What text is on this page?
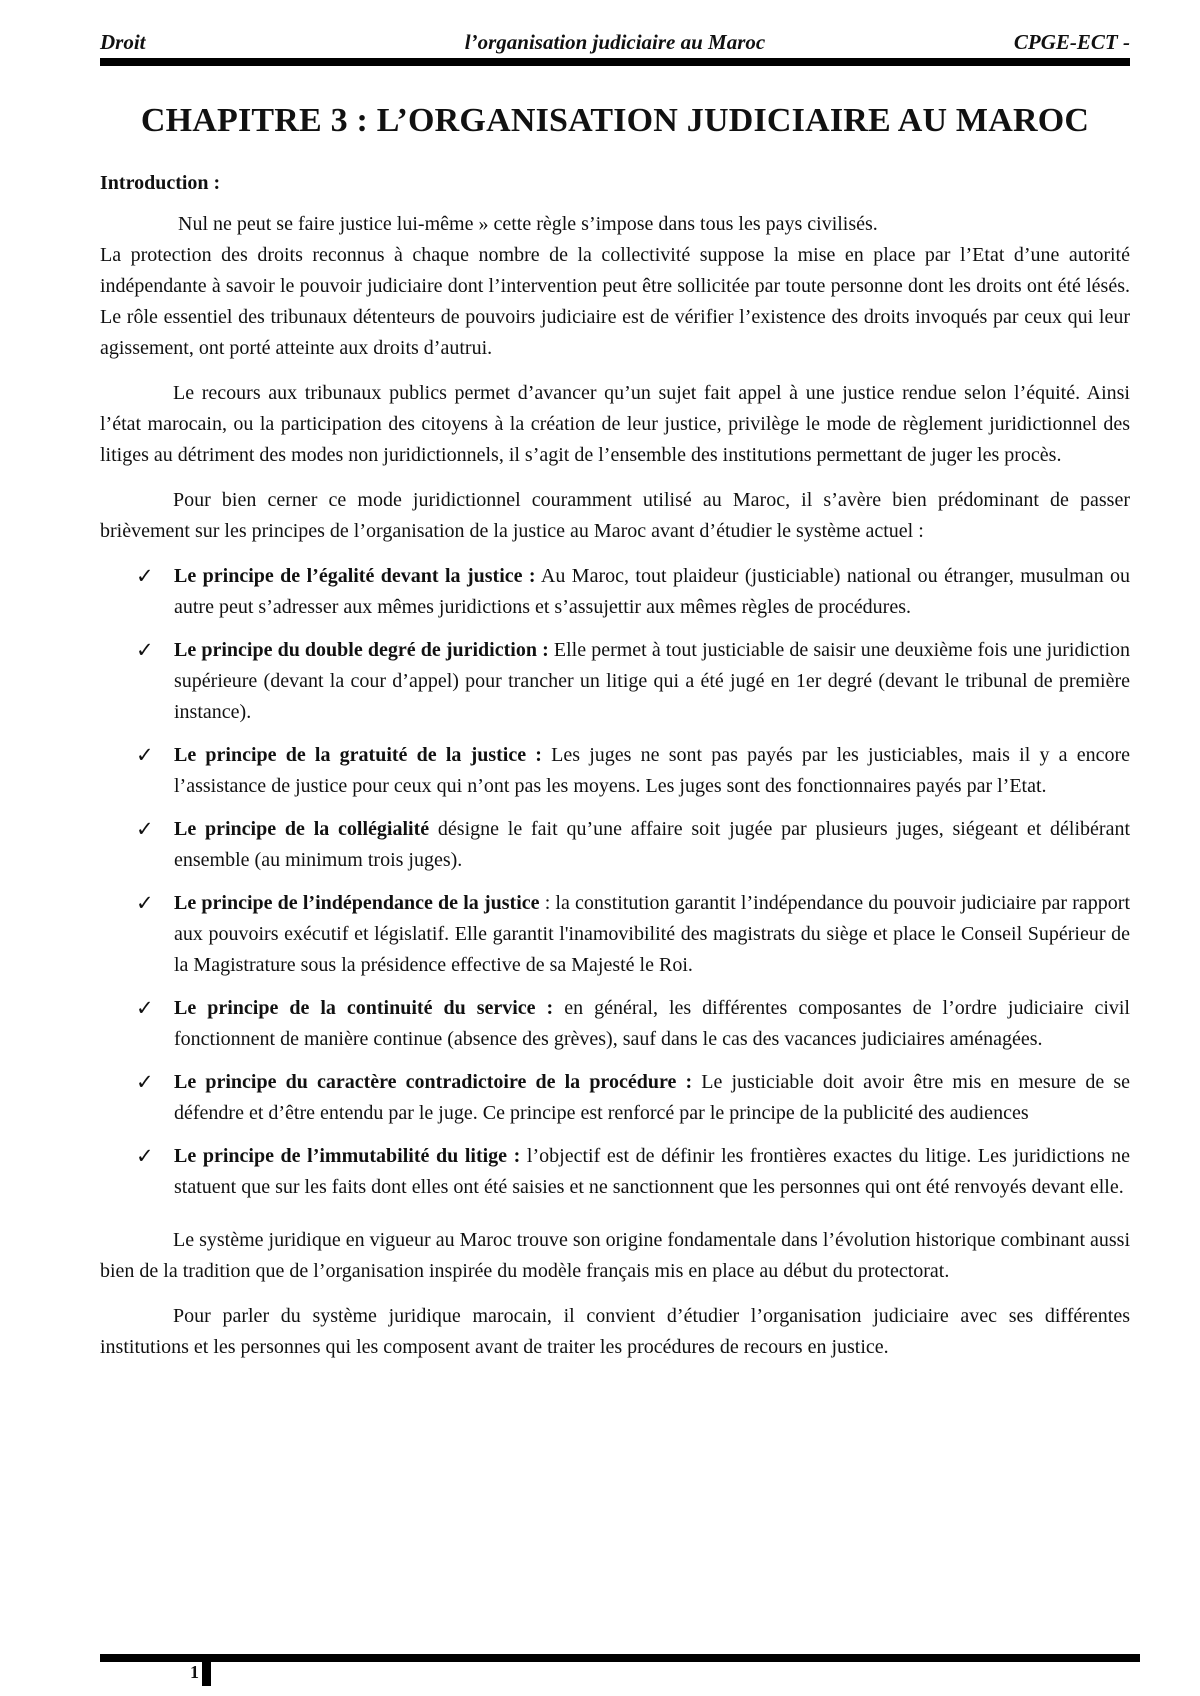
Droit	l’organisation judiciaire au Maroc	CPGE-ECT -
CHAPITRE 3 : L’ORGANISATION JUDICIAIRE AU MAROC
Introduction :

Nul ne peut se faire justice lui-même » cette règle s’impose dans tous les pays civilisés.

La protection des droits reconnus à chaque nombre de la collectivité suppose la mise en place par l’Etat d’une autorité indépendante à savoir le pouvoir judiciaire dont l’intervention peut être sollicitée par toute personne dont les droits ont été lésés. Le rôle essentiel des tribunaux détenteurs de pouvoirs judiciaire est de vérifier l’existence des droits invoqués par ceux qui leur agissement, ont porté atteinte aux droits d’autrui.

Le recours aux tribunaux publics permet d’avancer qu’un sujet fait appel à une justice rendue selon l’équité. Ainsi l’état marocain, ou la participation des citoyens à la création de leur justice, privilège le mode de règlement juridictionnel des litiges au détriment des modes non juridictionnels, il s’agit de l’ensemble des institutions permettant de juger les procès.

Pour bien cerner ce mode juridictionnel couramment utilisé au Maroc, il s’avère bien prédominant de passer brièvement sur les principes de l’organisation de la justice au Maroc avant d’étudier le système actuel :

✓ Le principe de l’égalité devant la justice : Au Maroc, tout plaideur (justiciable) national ou étranger, musulman ou autre peut s’adresser aux mêmes juridictions et s’assujettir aux mêmes règles de procédures.
✓ Le principe du double degré de juridiction : Elle permet à tout justiciable de saisir une deuxième fois une juridiction supérieure (devant la cour d’appel) pour trancher un litige qui a été jugé en 1er degré (devant le tribunal de première instance).
✓ Le principe de la gratuité de la justice : Les juges ne sont pas payés par les justiciables, mais il y a encore l’assistance de justice pour ceux qui n’ont pas les moyens. Les juges sont des fonctionnaires payés par l’Etat.
✓ Le principe de la collégialité désigne le fait qu’une affaire soit jugée par plusieurs juges, siégeant et délibérant ensemble (au minimum trois juges).
✓ Le principe de l’indépendance de la justice : la constitution garantit l’indépendance du pouvoir judiciaire par rapport aux pouvoirs exécutif et législatif. Elle garantit l'inamovibilité des magistrats du siège et place le Conseil Supérieur de la Magistrature sous la présidence effective de sa Majesté le Roi.
✓ Le principe de la continuité du service : en général, les différentes composantes de l’ordre judiciaire civil fonctionnent de manière continue (absence des grèves), sauf dans le cas des vacances judiciaires aménagées.
✓ Le principe du caractère contradictoire de la procédure : Le justiciable doit avoir être mis en mesure de se défendre et d’être entendu par le juge. Ce principe est renforcé par le principe de la publicité des audiences
✓ Le principe de l’immutabilité du litige : l’objectif est de définir les frontières exactes du litige. Les juridictions ne statuent que sur les faits dont elles ont été saisies et ne sanctionnent que les personnes qui ont été renvoyés devant elle.

Le système juridique en vigueur au Maroc trouve son origine fondamentale dans l’évolution historique combinant aussi bien de la tradition que de l’organisation inspirée du modèle français mis en place au début du protectorat.

Pour parler du système juridique marocain, il convient d’étudier l’organisation judiciaire avec ses différentes institutions et les personnes qui les composent avant de traiter les procédures de recours en justice.

1
